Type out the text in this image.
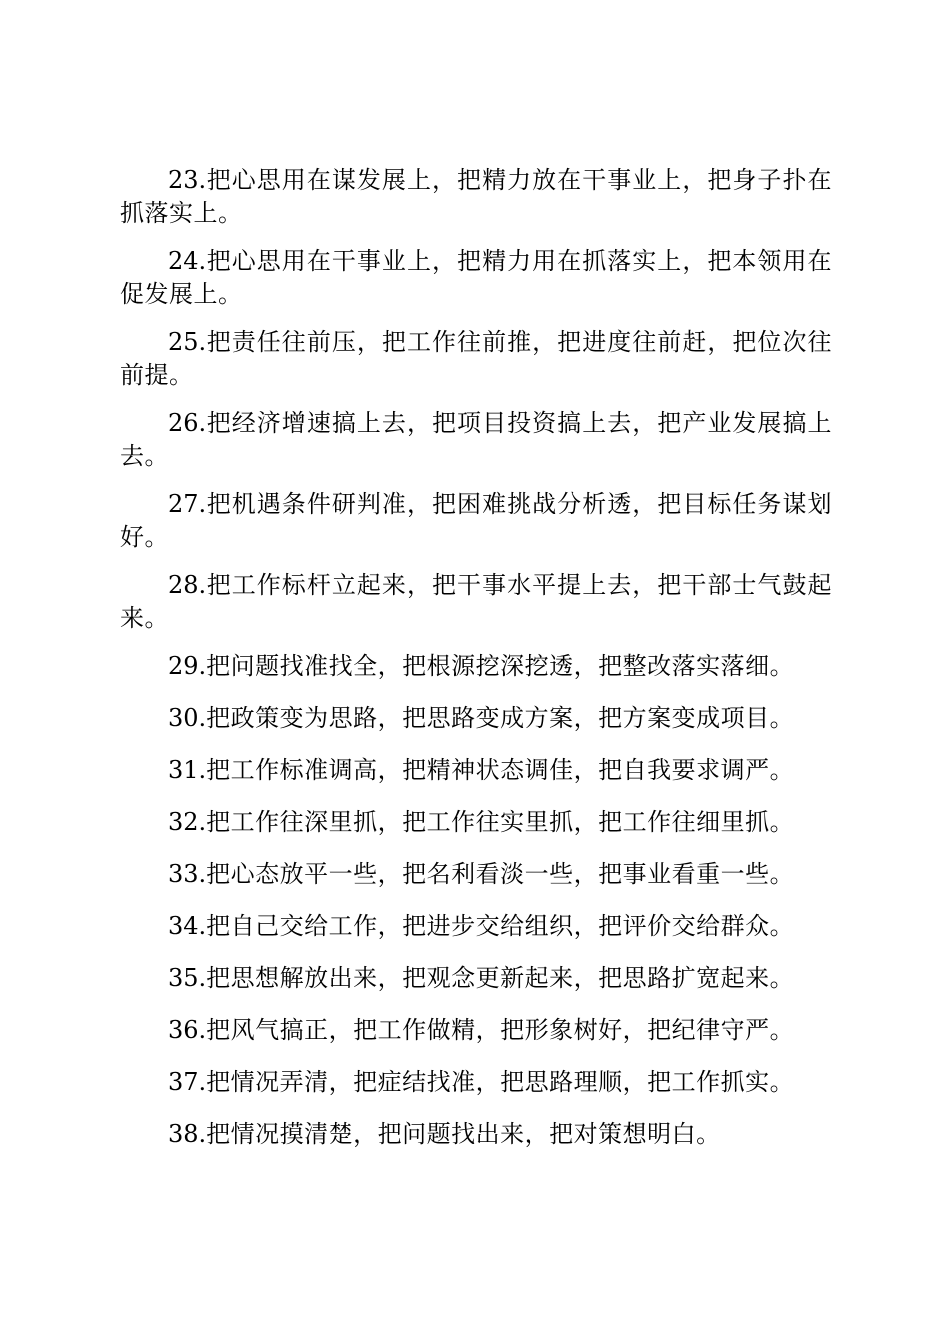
23.把心思用在谋发展上，把精力放在干事业上，把身子扑在抓落实上。

24.把心思用在干事业上，把精力用在抓落实上，把本领用在促发展上。

25.把责任往前压，把工作往前推，把进度往前赶，把位次往前提。

26.把经济增速搞上去，把项目投资搞上去，把产业发展搞上去。

27.把机遇条件研判准，把困难挑战分析透，把目标任务谋划好。

28.把工作标杆立起来，把干事水平提上去，把干部士气鼓起来。

29.把问题找准找全，把根源挖深挖透，把整改落实落细。

30.把政策变为思路，把思路变成方案，把方案变成项目。

31.把工作标准调高，把精神状态调佳，把自我要求调严。

32.把工作往深里抓，把工作往实里抓，把工作往细里抓。

33.把心态放平一些，把名利看淡一些，把事业看重一些。

34.把自己交给工作，把进步交给组织，把评价交给群众。

35.把思想解放出来，把观念更新起来，把思路扩宽起来。

36.把风气搞正，把工作做精，把形象树好，把纪律守严。

37.把情况弄清，把症结找准，把思路理顺，把工作抓实。

38.把情况摸清楚，把问题找出来，把对策想明白。
